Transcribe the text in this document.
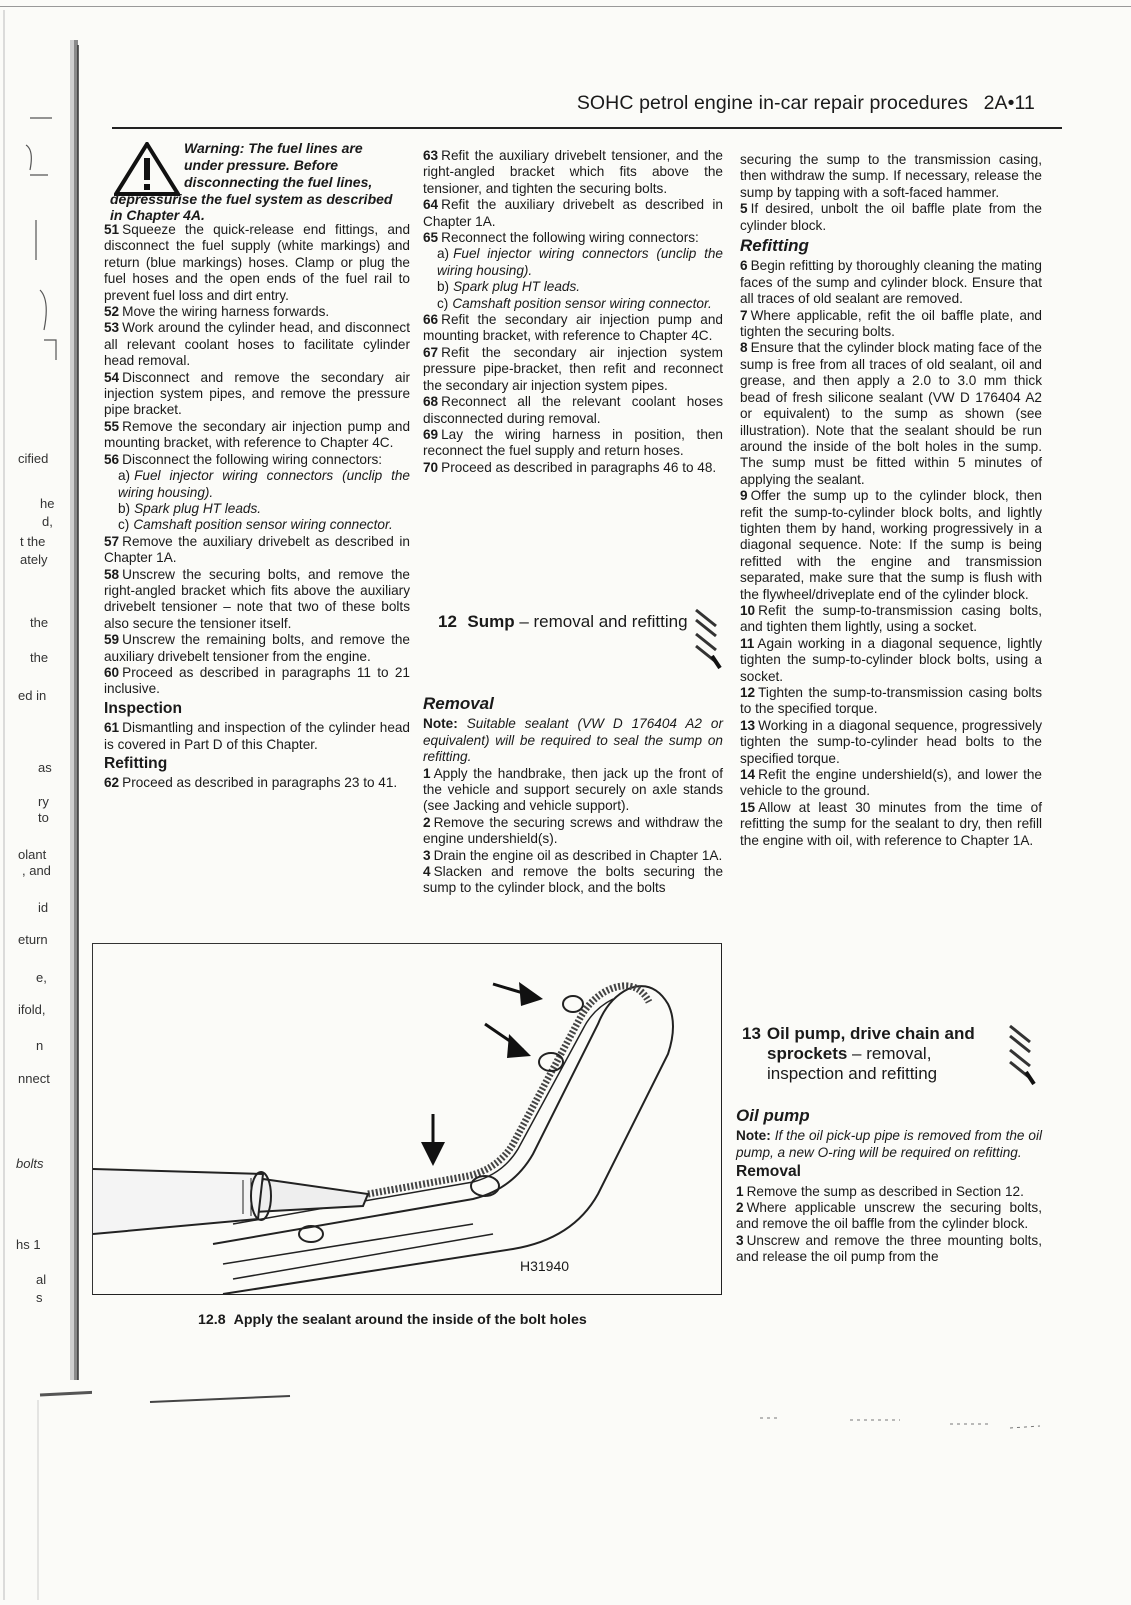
cified
ately
t the
ed in
olant
, and
eturn
ifold,
nnect
bolts
hs 1
the
the
he
d,
as
ry
to
id
e,
n
al
s
SOHC petrol engine in-car repair procedures 2A•11
Warning: The fuel lines are
under pressure. Before
disconnecting the fuel lines,
depressurise the fuel system as described
in Chapter 4A.

51 Squeeze the quick-release end fittings, and disconnect the fuel supply (white markings) and return (blue markings) hoses. Clamp or plug the fuel hoses and the open ends of the fuel rail to prevent fuel loss and dirt entry.

52 Move the wiring harness forwards.

53 Work around the cylinder head, and disconnect all relevant coolant hoses to facilitate cylinder head removal.

54 Disconnect and remove the secondary air injection system pipes, and remove the pressure pipe bracket.

55 Remove the secondary air injection pump and mounting bracket, with reference to Chapter 4C.

56 Disconnect the following wiring connectors:

a) Fuel injector wiring connectors (unclip the wiring housing).

b) Spark plug HT leads.

c) Camshaft position sensor wiring connector.

57 Remove the auxiliary drivebelt as described in Chapter 1A.

58 Unscrew the securing bolts, and remove the right-angled bracket which fits above the auxiliary drivebelt tensioner – note that two of these bolts also secure the tensioner itself.

59 Unscrew the remaining bolts, and remove the auxiliary drivebelt tensioner from the engine.

60 Proceed as described in paragraphs 11 to 21 inclusive.

Inspection

61 Dismantling and inspection of the cylinder head is covered in Part D of this Chapter.

Refitting

62 Proceed as described in paragraphs 23 to 41.

63 Refit the auxiliary drivebelt tensioner, and the right-angled bracket which fits above the tensioner, and tighten the securing bolts.

64 Refit the auxiliary drivebelt as described in Chapter 1A.

65 Reconnect the following wiring connectors:

a) Fuel injector wiring connectors (unclip the wiring housing).

b) Spark plug HT leads.

c) Camshaft position sensor wiring connector.

66 Refit the secondary air injection pump and mounting bracket, with reference to Chapter 4C.

67 Refit the secondary air injection system pressure pipe-bracket, then refit and reconnect the secondary air injection system pipes.

68 Reconnect all the relevant coolant hoses disconnected during removal.

69 Lay the wiring harness in position, then reconnect the fuel supply and return hoses.

70 Proceed as described in paragraphs 46 to 48.

12 Sump – removal and refitting
Removal

Note: Suitable sealant (VW D 176404 A2 or equivalent) will be required to seal the sump on refitting.

1 Apply the handbrake, then jack up the front of the vehicle and support securely on axle stands (see Jacking and vehicle support).

2 Remove the securing screws and withdraw the engine undershield(s).

3 Drain the engine oil as described in Chapter 1A.

4 Slacken and remove the bolts securing the sump to the cylinder block, and the bolts

securing the sump to the transmission casing, then withdraw the sump. If necessary, release the sump by tapping with a soft-faced hammer.

5 If desired, unbolt the oil baffle plate from the cylinder block.

Refitting

6 Begin refitting by thoroughly cleaning the mating faces of the sump and cylinder block. Ensure that all traces of old sealant are removed.

7 Where applicable, refit the oil baffle plate, and tighten the securing bolts.

8 Ensure that the cylinder block mating face of the sump is free from all traces of old sealant, oil and grease, and then apply a 2.0 to 3.0 mm thick bead of fresh silicone sealant (VW D 176404 A2 or equivalent) to the sump as shown (see illustration). Note that the sealant should be run around the inside of the bolt holes in the sump. The sump must be fitted within 5 minutes of applying the sealant.

9 Offer the sump up to the cylinder block, then refit the sump-to-cylinder block bolts, and lightly tighten them by hand, working progressively in a diagonal sequence. Note: If the sump is being refitted with the engine and transmission separated, make sure that the sump is flush with the flywheel/driveplate end of the cylinder block.

10 Refit the sump-to-transmission casing bolts, and tighten them lightly, using a socket.

11 Again working in a diagonal sequence, lightly tighten the sump-to-cylinder block bolts, using a socket.

12 Tighten the sump-to-transmission casing bolts to the specified torque.

13 Working in a diagonal sequence, progressively tighten the sump-to-cylinder head bolts to the specified torque.

14 Refit the engine undershield(s), and lower the vehicle to the ground.

15 Allow at least 30 minutes from the time of refitting the sump for the sealant to dry, then refill the engine with oil, with reference to Chapter 1A.

13 Oil pump, drive chain and
sprockets – removal,
inspection and refitting
Oil pump

Note: If the oil pick-up pipe is removed from the oil pump, a new O-ring will be required on refitting.

Removal

1 Remove the sump as described in Section 12.

2 Where applicable unscrew the securing bolts, and remove the oil baffle from the cylinder block.

3 Unscrew and remove the three mounting bolts, and release the oil pump from the

H31940
12.8 Apply the sealant around the inside of the bolt holes
